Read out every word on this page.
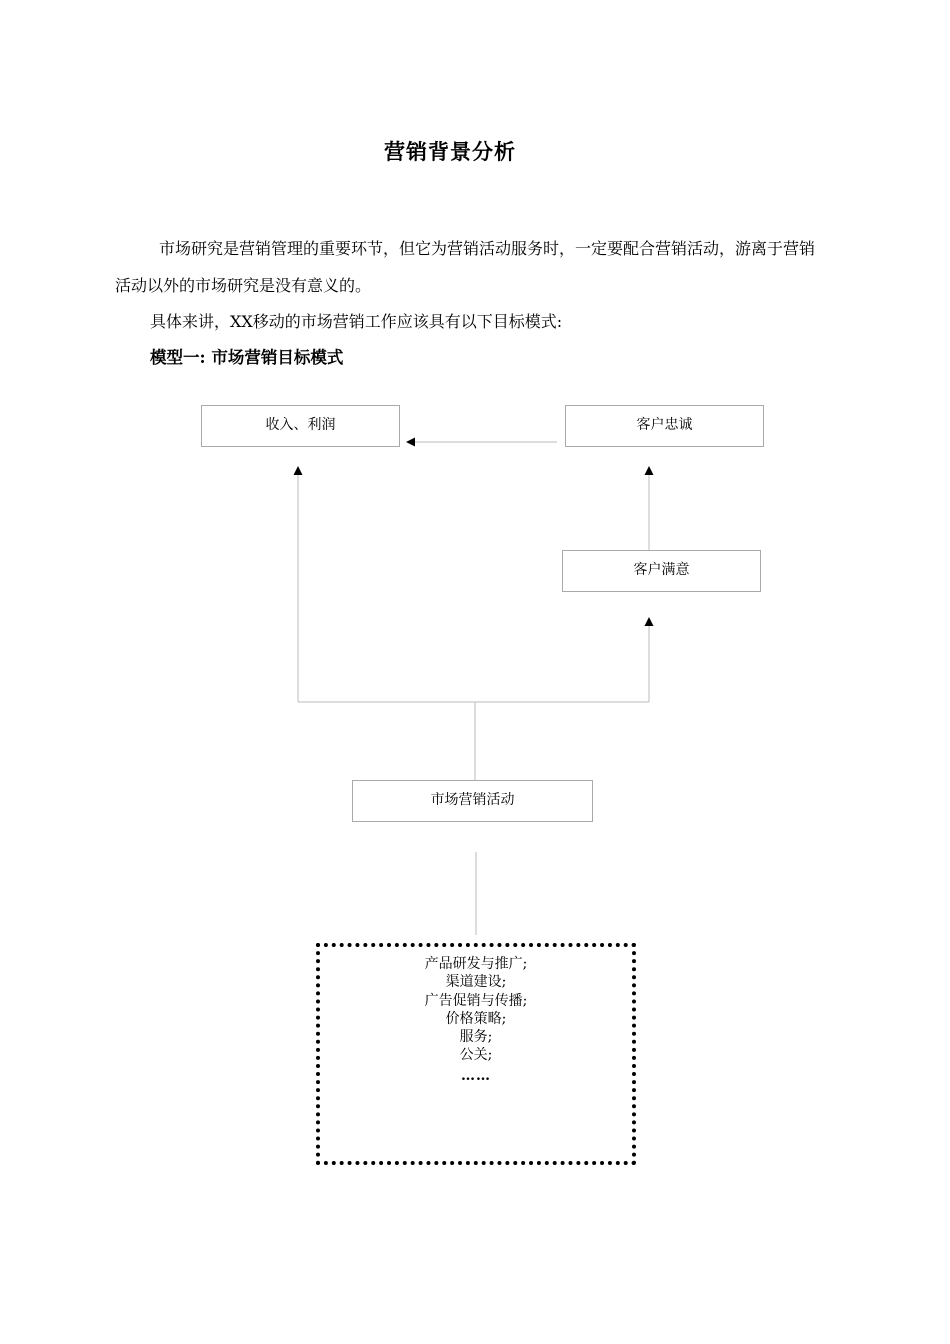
营销背景分析

市场研究是营销管理的重要环节，但它为营销活动服务时，一定要配合营销活动，游离于营销活动以外的市场研究是没有意义的。

具体来讲，XX移动的市场营销工作应该具有以下目标模式:

模型一: 市场营销目标模式

收入、利润	客户忠诚
客户满意
市场营销活动
产品研发与推广;
渠道建设;
广告促销与传播;
价格策略;
服务;
公关;
……
